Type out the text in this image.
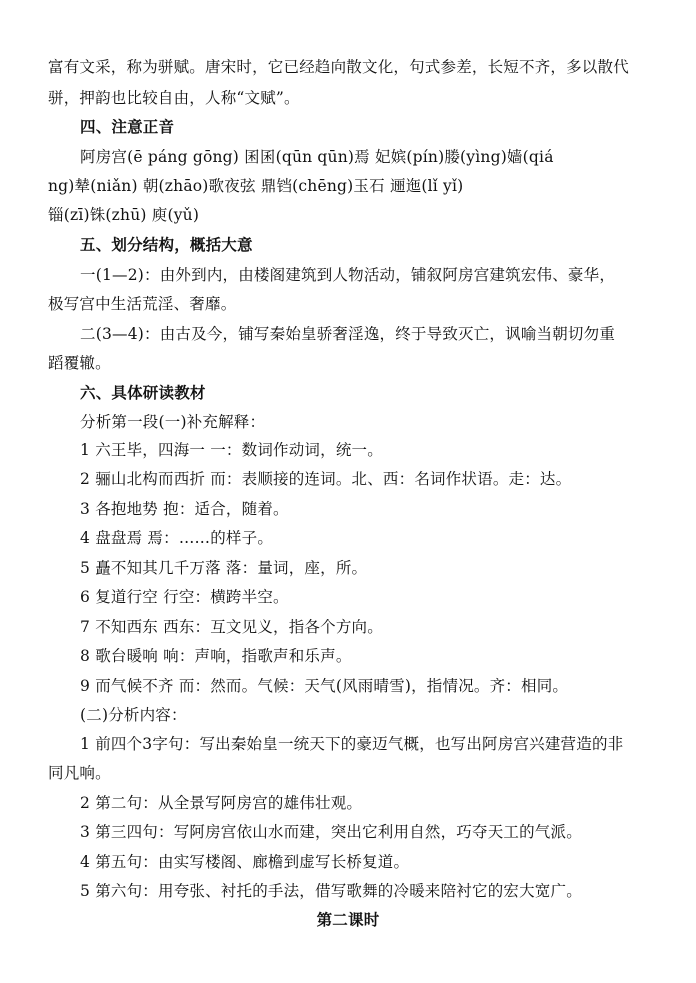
富有文采，称为骈赋。唐宋时，它已经趋向散文化，句式参差，长短不齐，多以散代
骈，押韵也比较自由，人称“文赋”。
四、注意正音
阿房宫(ē páng gōng) 囷囷(qūn qūn)焉 妃嫔(pín)媵(yìng)嫱(qiá
ng)辇(niǎn) 朝(zhāo)歌夜弦 鼎铛(chēng)玉石 逦迤(lǐ yǐ)
锱(zī)铢(zhū) 庾(yǔ)
五、划分结构，概括大意
一(1—2)：由外到内，由楼阁建筑到人物活动，铺叙阿房宫建筑宏伟、豪华，
极写宫中生活荒淫、奢靡。
二(3—4)：由古及今，铺写秦始皇骄奢淫逸，终于导致灭亡，讽喻当朝切勿重
蹈覆辙。
六、具体研读教材
分析第一段(一)补充解释：
1 六王毕，四海一 一：数词作动词，统一。
2 骊山北构而西折 而：表顺接的连词。北、西：名词作状语。走：达。
3 各抱地势 抱：适合，随着。
4 盘盘焉 焉：……的样子。
5 矗不知其几千万落 落：量词，座，所。
6 复道行空 行空：横跨半空。
7 不知西东 西东：互文见义，指各个方向。
8 歌台暖响 响：声响，指歌声和乐声。
9 而气候不齐 而：然而。气候：天气(风雨晴雪)，指情况。齐：相同。
(二)分析内容：
1 前四个3字句：写出秦始皇一统天下的豪迈气概，也写出阿房宫兴建营造的非
同凡响。
2 第二句：从全景写阿房宫的雄伟壮观。
3 第三四句：写阿房宫依山水而建，突出它利用自然，巧夺天工的气派。
4 第五句：由实写楼阁、廊檐到虚写长桥复道。
5 第六句：用夸张、衬托的手法，借写歌舞的冷暖来陪衬它的宏大宽广。
第二课时
